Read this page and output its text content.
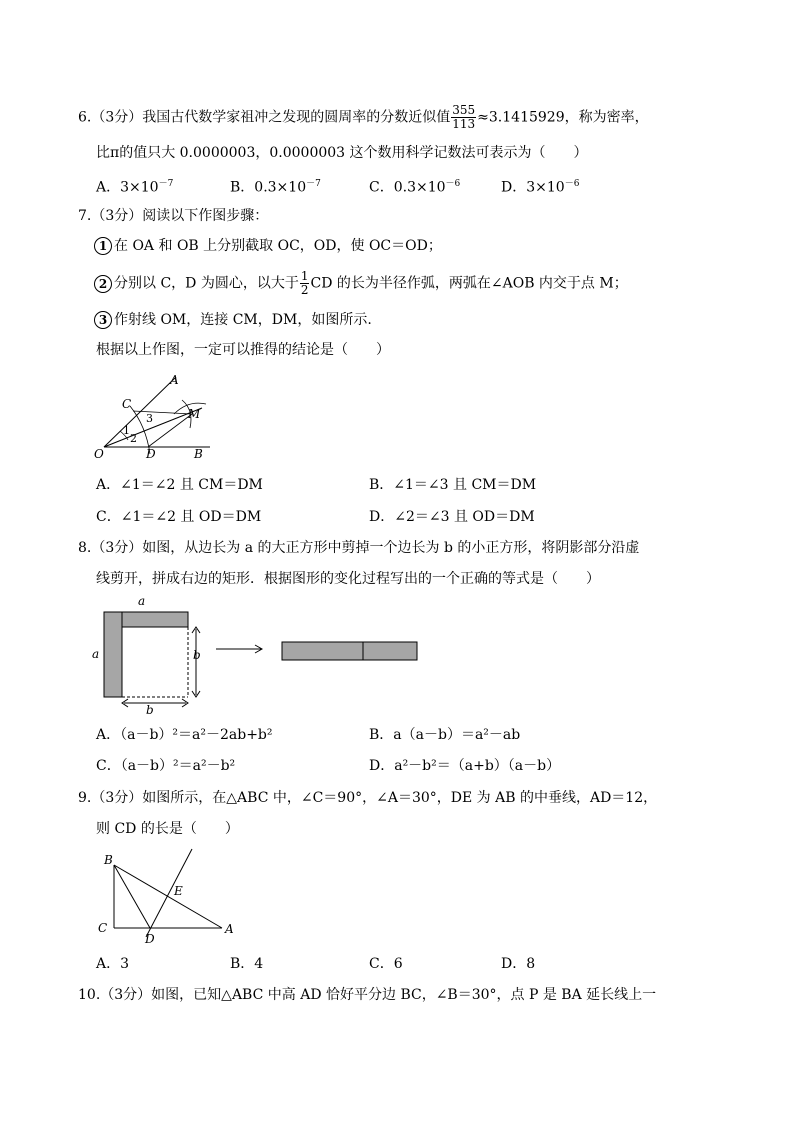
6.（3分）我国古代数学家祖冲之发现的圆周率的分数近似值 $\frac{355}{113} \approx 3.1415929$，称为密率，
比π的值只大 0.0000003，0.0000003 这个数用科学记数法可表示为（　　）
A．$3\times 10^{-7}$	B．$0.3\times 10^{-7}$	C．$0.3\times 10^{-6}$	D．$3\times 10^{-6}$
7.（3分）阅读以下作图步骤：
1 在 OA 和 OB 上分别截取 OC，OD，使 OC＝OD；
2 分别以 C，D 为圆心，以大于 $\frac{1}{2}$ CD 的长为半径作弧，两弧在∠AOB 内交于点 M；
3 作射线 OM，连接 CM，DM，如图所示.
根据以上作图，一定可以推得的结论是（　　）
A
C
3	M
1
2
O	D	B
A．∠1＝∠2 且 CM＝DM	B．∠1＝∠3 且 CM＝DM
C．∠1＝∠2 且 OD＝DM	D．∠2＝∠3 且 OD＝DM
8.（3分）如图，从边长为 a 的大正方形中剪掉一个边长为 b 的小正方形，将阴影部分沿虚
线剪开，拼成右边的矩形．根据图形的变化过程写出的一个正确的等式是（　　）
a
a	b
b
A．（a－b）²＝a²－2ab+b²	B．a（a－b）＝a²－ab
C．（a－b）²＝a²－b²	D．a²－b²＝（a+b）（a－b）
9.（3分）如图所示，在△ABC 中，∠C＝90°，∠A＝30°，DE 为 AB 的中垂线，AD＝12，
则 CD 的长是（　　）
B
C
D
E
A
A．3	B．4	C．6	D．8
10.（3分）如图，已知△ABC 中高 AD 恰好平分边 BC，∠B＝30°，点 P 是 BA 延长线上一
